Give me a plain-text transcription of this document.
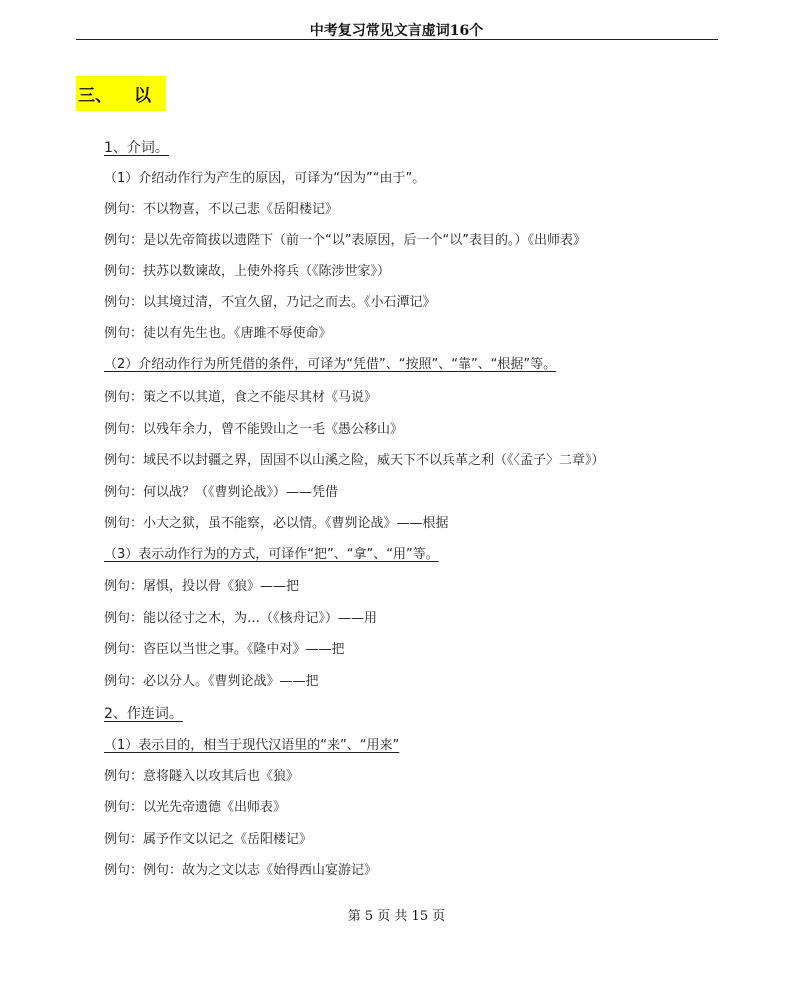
中考复习常见文言虚词16个
三、 以
1、介词。
（1）介绍动作行为产生的原因，可译为“因为”“由于”。
例句：不以物喜，不以己悲《岳阳楼记》
例句：是以先帝简拔以遗陛下（前一个“以”表原因，后一个“以”表目的。）《出师表》
例句：扶苏以数谏故，上使外将兵（《陈涉世家》）
例句：以其境过清，不宜久留，乃记之而去。《小石潭记》
例句：徒以有先生也。《唐雎不辱使命》
（2）介绍动作行为所凭借的条件，可译为“凭借”、“按照”、“靠”、“根据”等。
例句：策之不以其道，食之不能尽其材《马说》
例句：以残年余力，曾不能毁山之一毛《愚公移山》
例句：域民不以封疆之界，固国不以山溪之险，威天下不以兵革之利（《〈孟子〉二章》）
例句：何以战？（《曹刿论战》）——凭借
例句：小大之狱，虽不能察，必以情。《曹刿论战》——根据
（3）表示动作行为的方式，可译作“把”、“拿”、“用”等。
例句：屠惧，投以骨《狼》——把
例句：能以径寸之木，为…（《核舟记》）——用
例句：咨臣以当世之事。《隆中对》——把
例句：必以分人。《曹刿论战》——把
2、作连词。
（1）表示目的，相当于现代汉语里的“来”、“用来”
例句：意将隧入以攻其后也《狼》
例句：以光先帝遗德《出师表》
例句：属予作文以记之《岳阳楼记》
例句：例句：故为之文以志《始得西山宴游记》
第 5 页 共 15 页
